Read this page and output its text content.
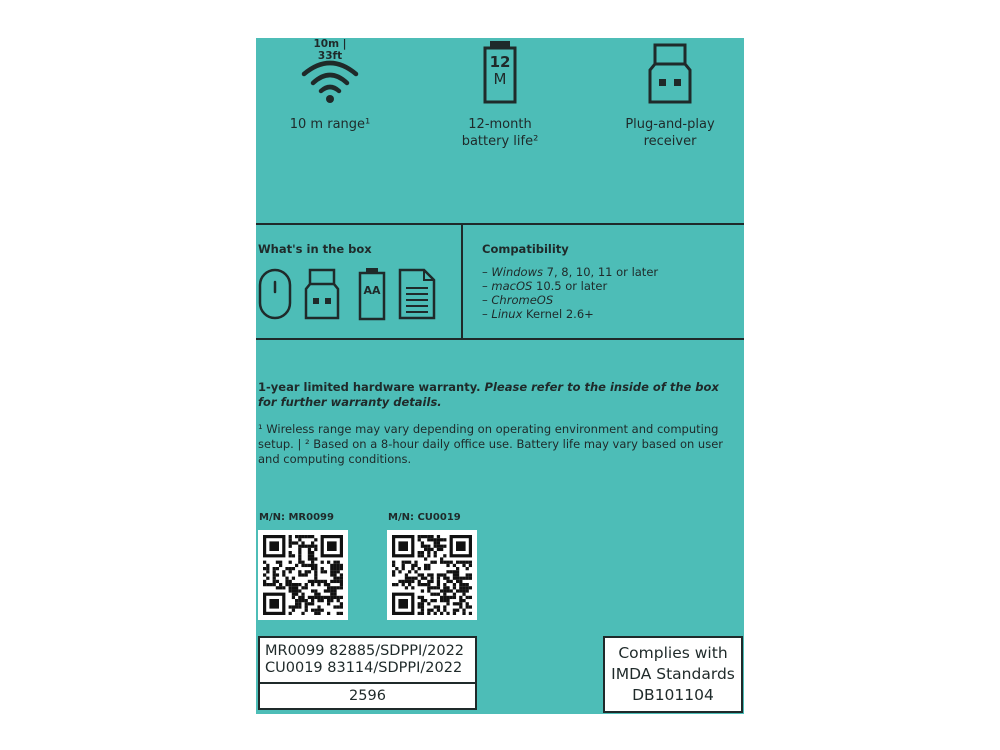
10m | 33ft
10 m range¹
12
M
12-month
battery life²
Plug-and-play
receiver
What's in the box
AA
Compatibility
– Windows 7, 8, 10, 11 or later
– macOS 10.5 or later
– ChromeOS
– Linux Kernel 2.6+
1-year limited hardware warranty. Please refer to the inside of the box for further warranty details.
¹ Wireless range may vary depending on operating environment and computing setup. | ² Based on a 8-hour daily office use. Battery life may vary based on user and computing conditions.
M/N: MR0099	M/N: CU0019
MR0099 82885/SDPPI/2022
CU0019 83114/SDPPI/2022
2596
Complies with
IMDA Standards
DB101104
